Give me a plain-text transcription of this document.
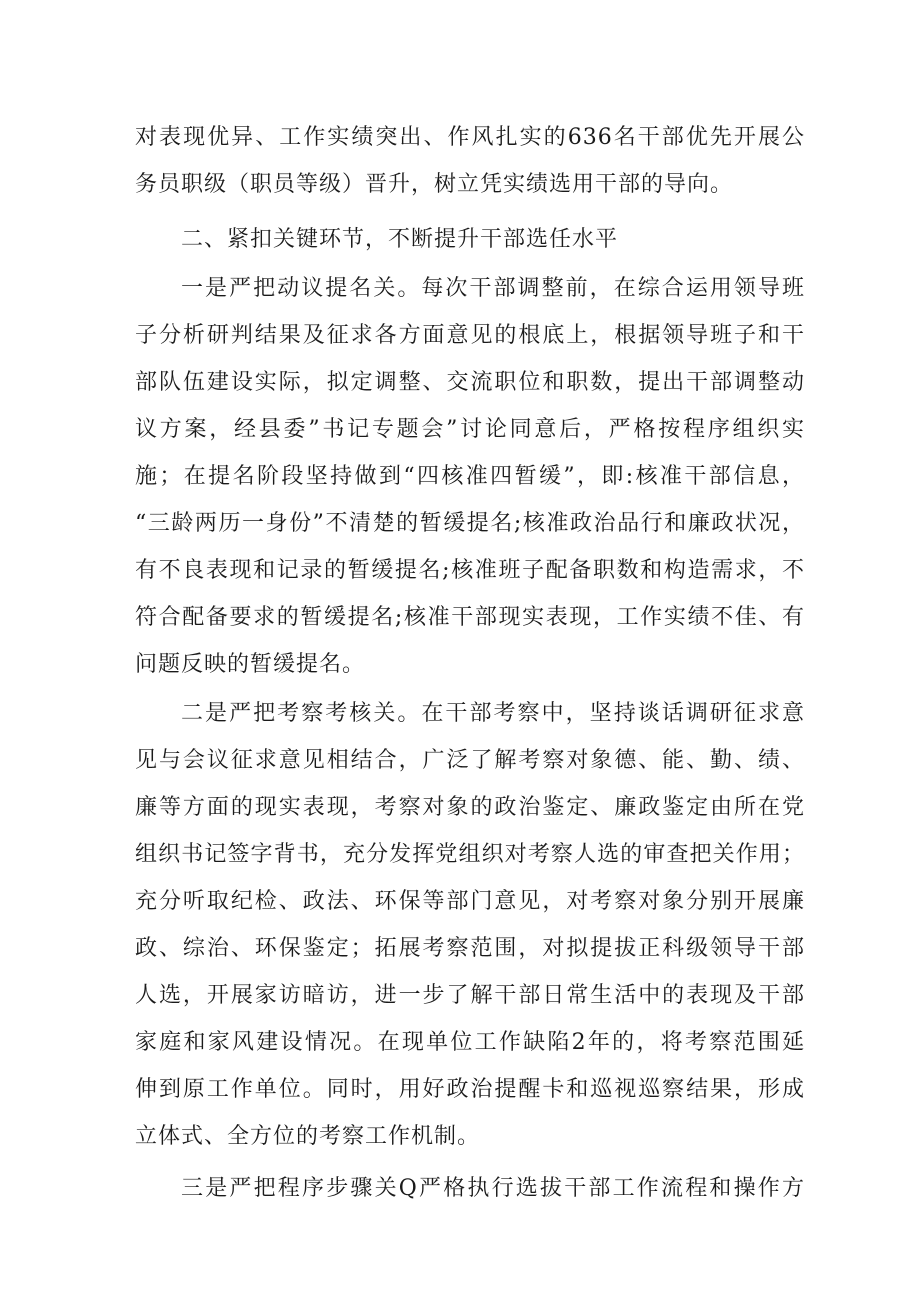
对表现优异、工作实绩突出、作风扎实的636名干部优先开展公
务员职级（职员等级）晋升，树立凭实绩选用干部的导向。

二、紧扣关键环节，不断提升干部选任水平

一是严把动议提名关。每次干部调整前，在综合运用领导班
子分析研判结果及征求各方面意见的根底上，根据领导班子和干
部队伍建设实际，拟定调整、交流职位和职数，提出干部调整动
议方案，经县委”书记专题会”讨论同意后，严格按程序组织实
施；在提名阶段坚持做到“四核准四暂缓”，即:核准干部信息，
“三龄两历一身份”不清楚的暂缓提名;核准政治品行和廉政状况，
有不良表现和记录的暂缓提名;核准班子配备职数和构造需求，不
符合配备要求的暂缓提名;核准干部现实表现，工作实绩不佳、有
问题反映的暂缓提名。

二是严把考察考核关。在干部考察中，坚持谈话调研征求意
见与会议征求意见相结合，广泛了解考察对象德、能、勤、绩、
廉等方面的现实表现，考察对象的政治鉴定、廉政鉴定由所在党
组织书记签字背书，充分发挥党组织对考察人选的审查把关作用；
充分听取纪检、政法、环保等部门意见，对考察对象分别开展廉
政、综治、环保鉴定；拓展考察范围，对拟提拔正科级领导干部
人选，开展家访暗访，进一步了解干部日常生活中的表现及干部
家庭和家风建设情况。在现单位工作缺陷2年的，将考察范围延
伸到原工作单位。同时，用好政治提醒卡和巡视巡察结果，形成
立体式、全方位的考察工作机制。

三是严把程序步骤关Q严格执行选拔干部工作流程和操作方
